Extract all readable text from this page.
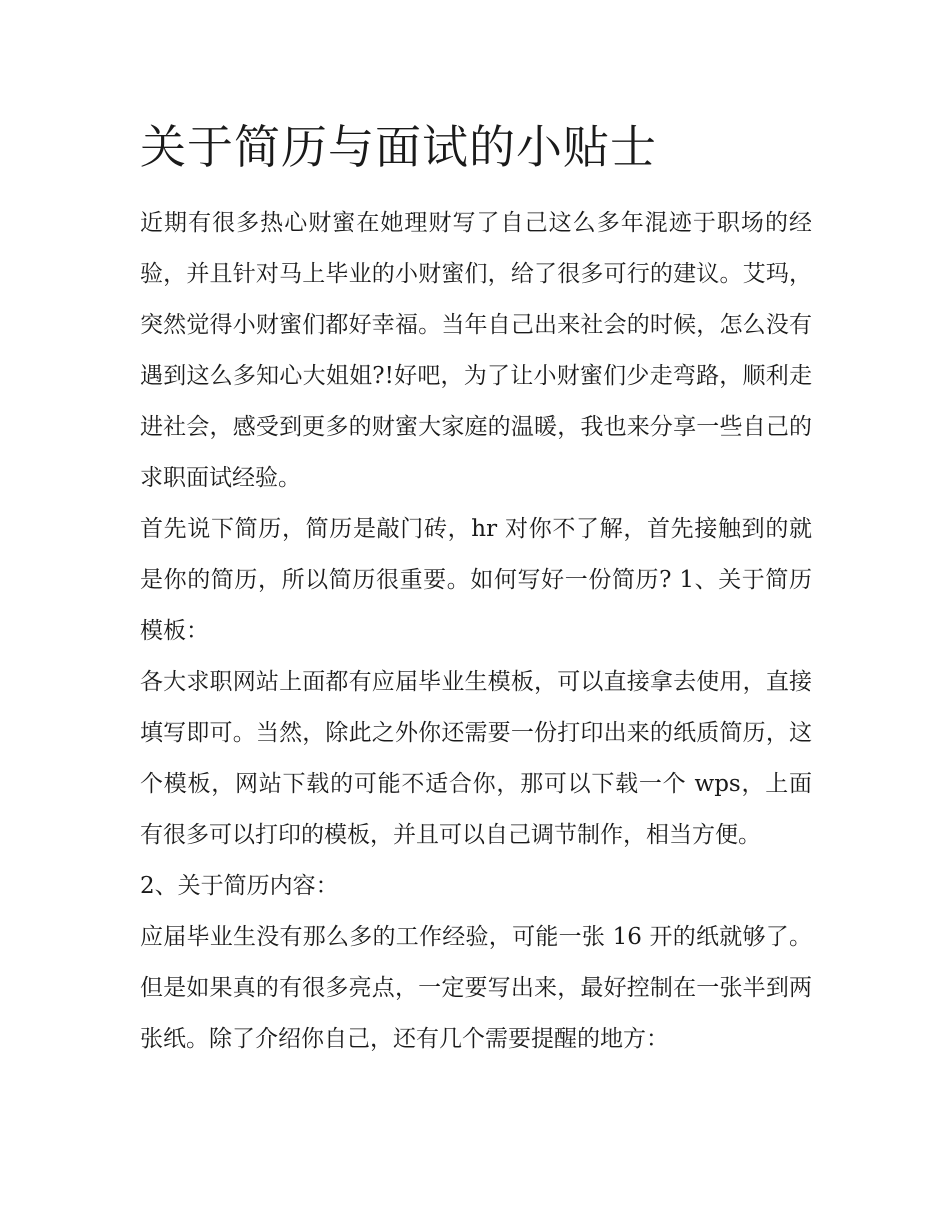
关于简历与面试的小贴士

近期有很多热心财蜜在她理财写了自己这么多年混迹于职场的经验，并且针对马上毕业的小财蜜们，给了很多可行的建议。艾玛，突然觉得小财蜜们都好幸福。当年自己出来社会的时候，怎么没有遇到这么多知心大姐姐?!好吧，为了让小财蜜们少走弯路，顺利走进社会，感受到更多的财蜜大家庭的温暖，我也来分享一些自己的求职面试经验。

首先说下简历，简历是敲门砖，hr 对你不了解，首先接触到的就是你的简历，所以简历很重要。如何写好一份简历? 1、关于简历模板：

各大求职网站上面都有应届毕业生模板，可以直接拿去使用，直接填写即可。当然，除此之外你还需要一份打印出来的纸质简历，这个模板，网站下载的可能不适合你，那可以下载一个 wps，上面有很多可以打印的模板，并且可以自己调节制作，相当方便。

2、关于简历内容：

应届毕业生没有那么多的工作经验，可能一张 16 开的纸就够了。但是如果真的有很多亮点，一定要写出来，最好控制在一张半到两张纸。除了介绍你自己，还有几个需要提醒的地方：
